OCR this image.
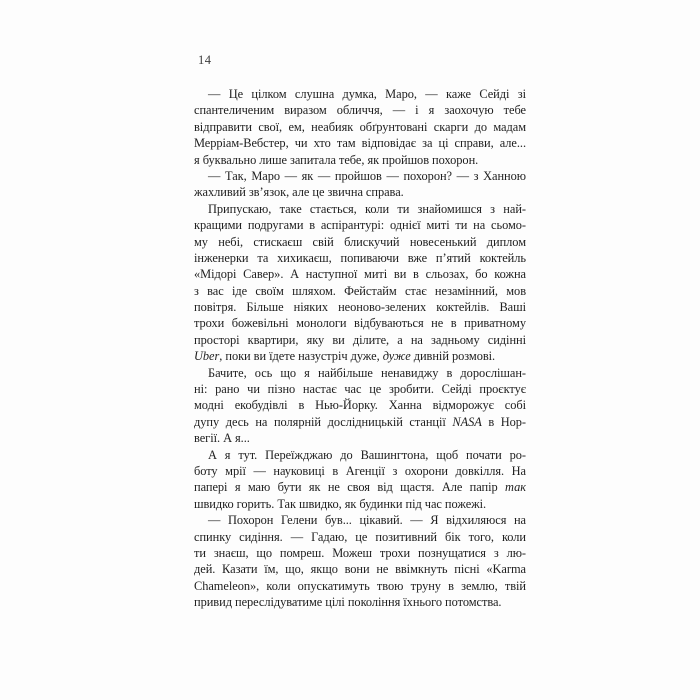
14
— Це цілком слушна думка, Маро, — каже Сейді зі
спантеличеним виразом обличчя, — і я заохочую тебе
відправити свої, ем, неабияк обґрунтовані скарги до мадам
Мерріам-Вебстер, чи хто там відповідає за ці справи, але...
я буквально лише запитала тебе, як пройшов похорон.
— Так, Маро — як — пройшов — похорон? — з Ханною
жахливий зв’язок, але це звична справа.
Припускаю, таке стається, коли ти знайомишся з най-
кращими подругами в аспірантурі: однієї миті ти на сьомо-
му небі, стискаєш свій блискучий новесенький диплом
інженерки та хихикаєш, попиваючи вже п’ятий коктейль
«Мідорі Савер». А наступної миті ви в сльозах, бо кожна
з вас іде своїм шляхом. Фейстайм стає незамінний, мов
повітря. Більше ніяких неоново-зелених коктейлів. Ваші
трохи божевільні монологи відбуваються не в приватному
просторі квартири, яку ви ділите, а на задньому сидінні
Uber, поки ви їдете назустріч дуже, дуже дивній розмові.
Бачите, ось що я найбільше ненавиджу в дорослішан-
ні: рано чи пізно настає час це зробити. Сейді проєктує
модні екобудівлі в Нью-Йорку. Ханна відморожує собі
дупу десь на полярній дослідницькій станції NASA в Нор-
вегії. А я...
А я тут. Переїжджаю до Вашингтона, щоб почати ро-
боту мрії — науковиці в Агенції з охорони довкілля. На
папері я маю бути як не своя від щастя. Але папір так
швидко горить. Так швидко, як будинки під час пожежі.
— Похорон Гелени був... цікавий. — Я відхиляюся на
спинку сидіння. — Гадаю, це позитивний бік того, коли
ти знаєш, що помреш. Можеш трохи познущатися з лю-
дей. Казати їм, що, якщо вони не ввімкнуть пісні «Karma
Chameleon», коли опускатимуть твою труну в землю, твій
привид переслідуватиме цілі покоління їхнього потомства.
